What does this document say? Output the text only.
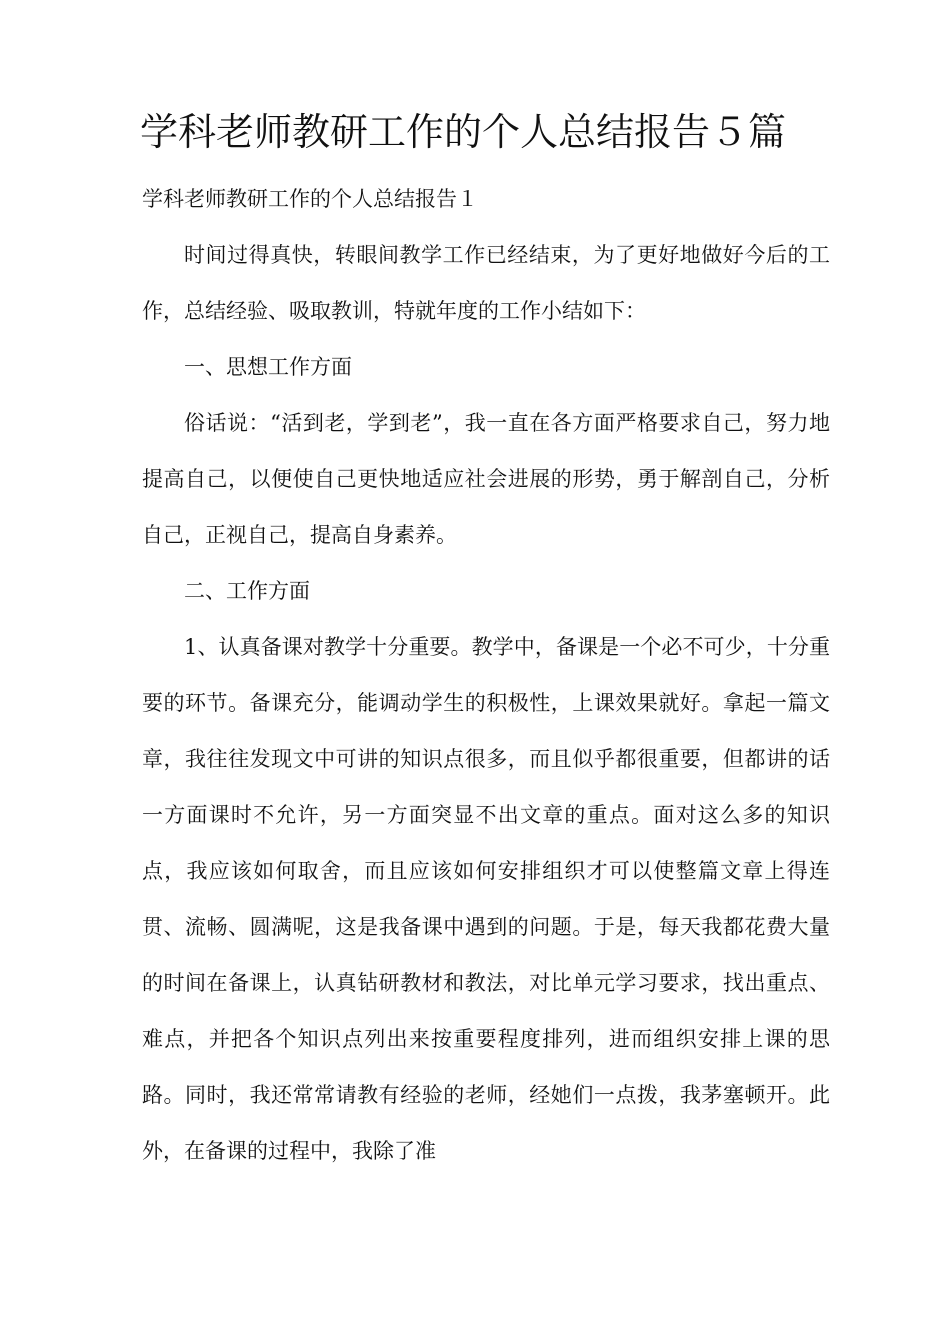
学科老师教研工作的个人总结报告５篇

学科老师教研工作的个人总结报告１

时间过得真快，转眼间教学工作已经结束，为了更好地做好今后的工作，总结经验、吸取教训，特就年度的工作小结如下：

一、思想工作方面

俗话说：“活到老，学到老”，我一直在各方面严格要求自己，努力地提高自己，以便使自己更快地适应社会进展的形势，勇于解剖自己，分析自己，正视自己，提高自身素养。

二、工作方面

1、认真备课对教学十分重要。教学中，备课是一个必不可少，十分重要的环节。备课充分，能调动学生的积极性，上课效果就好。拿起一篇文章，我往往发现文中可讲的知识点很多，而且似乎都很重要，但都讲的话一方面课时不允许，另一方面突显不出文章的重点。面对这么多的知识点，我应该如何取舍，而且应该如何安排组织才可以使整篇文章上得连贯、流畅、圆满呢，这是我备课中遇到的问题。于是，每天我都花费大量的时间在备课上，认真钻研教材和教法，对比单元学习要求，找出重点、难点，并把各个知识点列出来按重要程度排列，进而组织安排上课的思路。同时，我还常常请教有经验的老师，经她们一点拨，我茅塞顿开。此外，在备课的过程中，我除了准
